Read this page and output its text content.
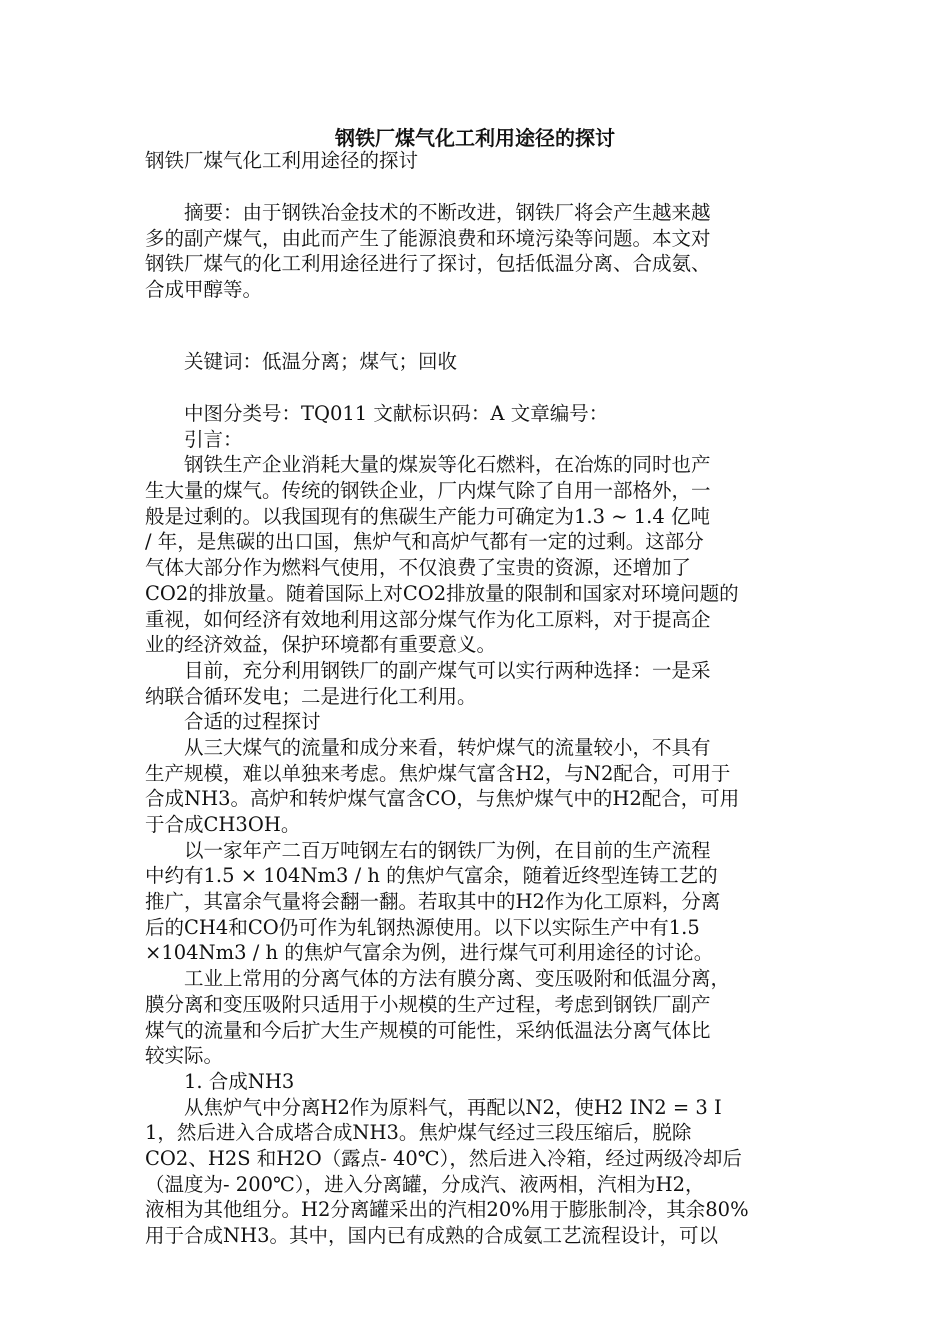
钢铁厂煤气化工利用途径的探讨
钢铁厂煤气化工利用途径的探讨
　　摘要：由于钢铁冶金技术的不断改进，钢铁厂将会产生越来越
多的副产煤气，由此而产生了能源浪费和环境污染等问题。本文对
钢铁厂煤气的化工利用途径进行了探讨，包括低温分离、合成氨、
合成甲醇等。
　　关键词：低温分离；煤气；回收
　　中图分类号：TQ011 文献标识码：A 文章编号：
　　引言：
　　钢铁生产企业消耗大量的煤炭等化石燃料，在冶炼的同时也产
生大量的煤气。传统的钢铁企业，厂内煤气除了自用一部格外，一
般是过剩的。以我国现有的焦碳生产能力可确定为1.3 ~ 1.4 亿吨
/ 年，是焦碳的出口国，焦炉气和高炉气都有一定的过剩。这部分
气体大部分作为燃料气使用，不仅浪费了宝贵的资源，还增加了
CO2的排放量。随着国际上对CO2排放量的限制和国家对环境问题的
重视，如何经济有效地利用这部分煤气作为化工原料，对于提高企
业的经济效益，保护环境都有重要意义。
　　目前，充分利用钢铁厂的副产煤气可以实行两种选择：一是采
纳联合循环发电；二是进行化工利用。
　　合适的过程探讨
　　从三大煤气的流量和成分来看，转炉煤气的流量较小，不具有
生产规模，难以单独来考虑。焦炉煤气富含H2，与N2配合，可用于
合成NH3。高炉和转炉煤气富含CO，与焦炉煤气中的H2配合，可用
于合成CH3OH。
　　以一家年产二百万吨钢左右的钢铁厂为例，在目前的生产流程
中约有1.5 × 104Nm3 / h 的焦炉气富余，随着近终型连铸工艺的
推广，其富余气量将会翻一翻。若取其中的H2作为化工原料，分离
后的CH4和CO仍可作为轧钢热源使用。以下以实际生产中有1.5
×104Nm3 / h 的焦炉气富余为例，进行煤气可利用途径的讨论。
　　工业上常用的分离气体的方法有膜分离、变压吸附和低温分离，
膜分离和变压吸附只适用于小规模的生产过程，考虑到钢铁厂副产
煤气的流量和今后扩大生产规模的可能性，采纳低温法分离气体比
较实际。
　　1. 合成NH3
　　从焦炉气中分离H2作为原料气，再配以N2，使H2 IN2 = 3 I
1，然后进入合成塔合成NH3。焦炉煤气经过三段压缩后，脱除
CO2、H2S 和H2O（露点- 40℃），然后进入冷箱，经过两级冷却后
（温度为- 200℃），进入分离罐，分成汽、液两相，汽相为H2，
液相为其他组分。H2分离罐采出的汽相20%用于膨胀制冷，其余80%
用于合成NH3。其中，国内已有成熟的合成氨工艺流程设计，可以
